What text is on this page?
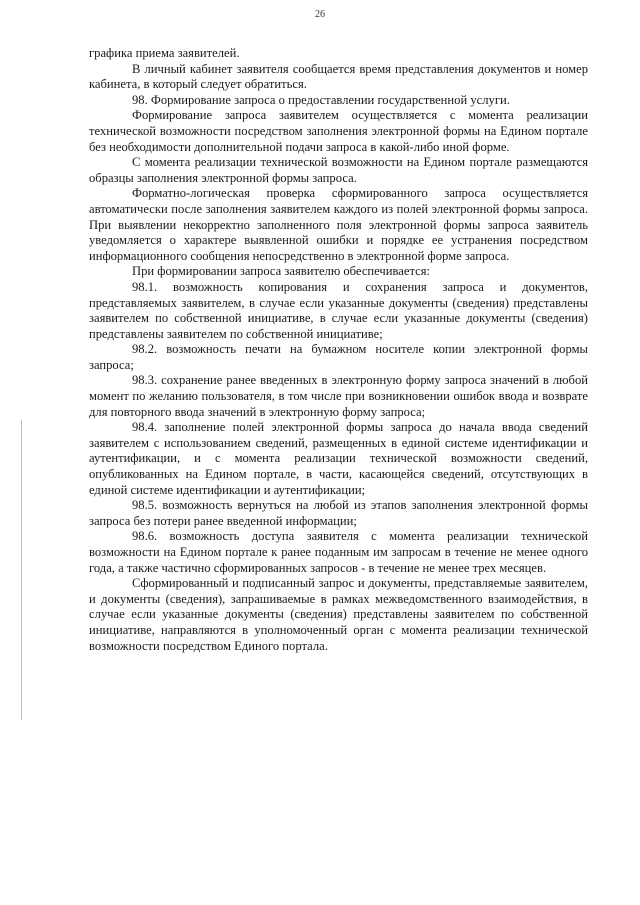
26

графика приема заявителей.

В личный кабинет заявителя сообщается время представления документов и номер кабинета, в который следует обратиться.

98. Формирование запроса о предоставлении государственной услуги.

Формирование запроса заявителем осуществляется с момента реализации технической возможности посредством заполнения электронной формы на Едином портале без необходимости дополнительной подачи запроса в какой-либо иной форме.

С момента реализации технической возможности на Едином портале размещаются образцы заполнения электронной формы запроса.

Форматно-логическая проверка сформированного запроса осуществляется автоматически после заполнения заявителем каждого из полей электронной формы запроса. При выявлении некорректно заполненного поля электронной формы запроса заявитель уведомляется о характере выявленной ошибки и порядке ее устранения посредством информационного сообщения непосредственно в электронной форме запроса.

При формировании запроса заявителю обеспечивается:

98.1. возможность копирования и сохранения запроса и документов, представляемых заявителем, в случае если указанные документы (сведения) представлены заявителем по собственной инициативе, в случае если указанные документы (сведения) представлены заявителем по собственной инициативе;

98.2. возможность печати на бумажном носителе копии электронной формы запроса;

98.3. сохранение ранее введенных в электронную форму запроса значений в любой момент по желанию пользователя, в том числе при возникновении ошибок ввода и возврате для повторного ввода значений в электронную форму запроса;

98.4. заполнение полей электронной формы запроса до начала ввода сведений заявителем с использованием сведений, размещенных в единой системе идентификации и аутентификации, и с момента реализации технической возможности сведений, опубликованных на Едином портале, в части, касающейся сведений, отсутствующих в единой системе идентификации и аутентификации;

98.5. возможность вернуться на любой из этапов заполнения электронной формы запроса без потери ранее введенной информации;

98.6. возможность доступа заявителя с момента реализации технической возможности на Едином портале к ранее поданным им запросам в течение не менее одного года, а также частично сформированных запросов - в течение не менее трех месяцев.

Сформированный и подписанный запрос и документы, представляемые заявителем, и документы (сведения), запрашиваемые в рамках межведомственного взаимодействия, в случае если указанные документы (сведения) представлены заявителем по собственной инициативе, направляются в уполномоченный орган с момента реализации технической возможности посредством Единого портала.
